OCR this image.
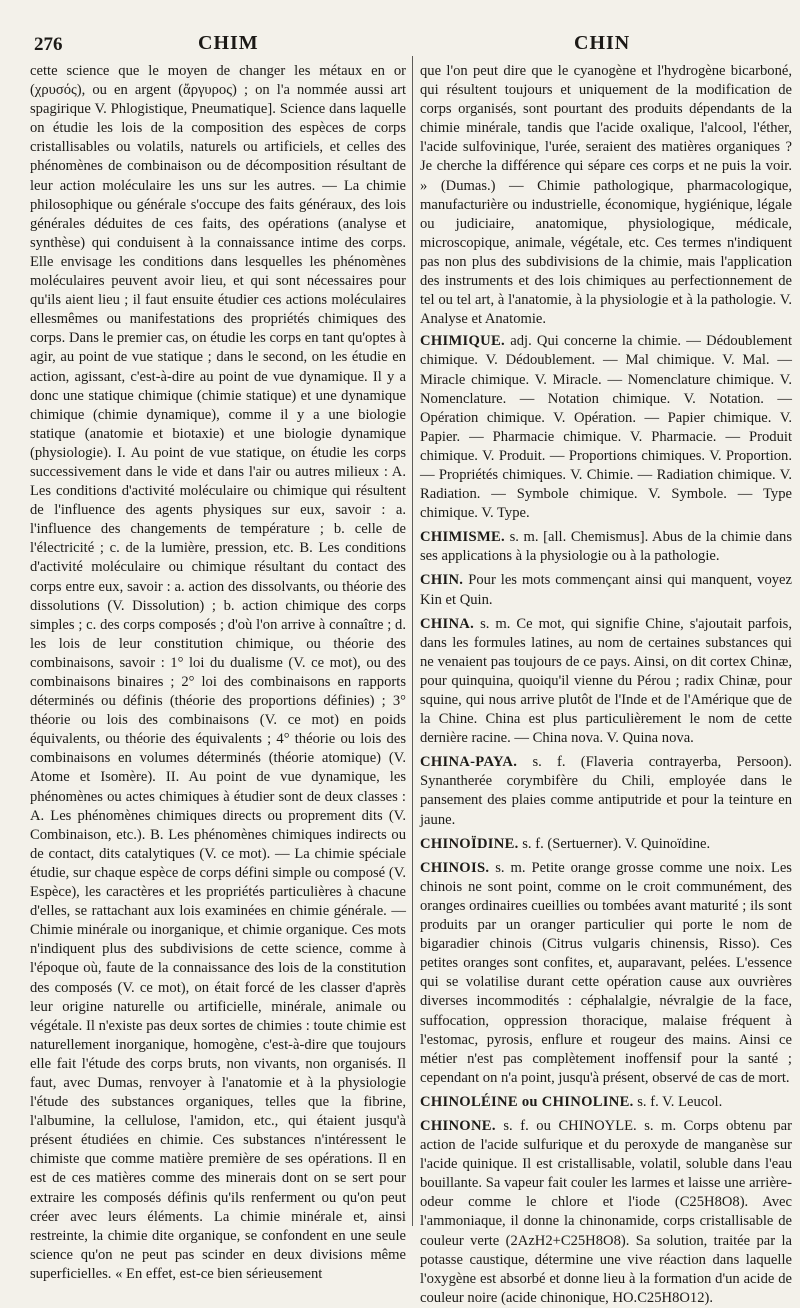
276	CHIM	CHIN

cette science que le moyen de changer les métaux en or (χρυσός), ou en argent (ἄργυρος) ; on l'a nommée aussi art spagirique V. Phlogistique, Pneumatique]. Science dans laquelle on étudie les lois de la composition des espèces de corps cristallisables ou volatils, naturels ou artificiels, et celles des phénomènes de combinaison ou de décomposition résultant de leur action moléculaire les uns sur les autres. — La chimie philosophique ou générale s'occupe des faits généraux, des lois générales déduites de ces faits, des opérations (analyse et synthèse) qui conduisent à la connaissance intime des corps. Elle envisage les conditions dans lesquelles les phénomènes moléculaires peuvent avoir lieu, et qui sont nécessaires pour qu'ils aient lieu ; il faut ensuite étudier ces actions moléculaires ellesmêmes ou manifestations des propriétés chimiques des corps. Dans le premier cas, on étudie les corps en tant qu'optes à agir, au point de vue statique ; dans le second, on les étudie en action, agissant, c'est-à-dire au point de vue dynamique. Il y a donc une statique chimique (chimie statique) et une dynamique chimique (chimie dynamique), comme il y a une biologie statique (anatomie et biotaxie) et une biologie dynamique (physiologie). I. Au point de vue statique, on étudie les corps successivement dans le vide et dans l'air ou autres milieux : A. Les conditions d'activité moléculaire ou chimique qui résultent de l'influence des agents physiques sur eux, savoir : a. l'influence des changements de température ; b. celle de l'électricité ; c. de la lumière, pression, etc. B. Les conditions d'activité moléculaire ou chimique résultant du contact des corps entre eux, savoir : a. action des dissolvants, ou théorie des dissolutions (V. Dissolution) ; b. action chimique des corps simples ; c. des corps composés ; d'où l'on arrive à connaître ; d. les lois de leur constitution chimique, ou théorie des combinaisons, savoir : 1° loi du dualisme (V. ce mot), ou des combinaisons binaires ; 2° loi des combinaisons en rapports déterminés ou définis (théorie des proportions définies) ; 3° théorie ou lois des combinaisons (V. ce mot) en poids équivalents, ou théorie des équivalents ; 4° théorie ou lois des combinaisons en volumes déterminés (théorie atomique) (V. Atome et Isomère). II. Au point de vue dynamique, les phénomènes ou actes chimiques à étudier sont de deux classes : A. Les phénomènes chimiques directs ou proprement dits (V. Combinaison, etc.). B. Les phénomènes chimiques indirects ou de contact, dits catalytiques (V. ce mot). — La chimie spéciale étudie, sur chaque espèce de corps défini simple ou composé (V. Espèce), les caractères et les propriétés particulières à chacune d'elles, se rattachant aux lois examinées en chimie générale. — Chimie minérale ou inorganique, et chimie organique. Ces mots n'indiquent plus des subdivisions de cette science, comme à l'époque où, faute de la connaissance des lois de la constitution des composés (V. ce mot), on était forcé de les classer d'après leur origine naturelle ou artificielle, minérale, animale ou végétale. Il n'existe pas deux sortes de chimies : toute chimie est naturellement inorganique, homogène, c'est-à-dire que toujours elle fait l'étude des corps bruts, non vivants, non organisés. Il faut, avec Dumas, renvoyer à l'anatomie et à la physiologie l'étude des substances organiques, telles que la fibrine, l'albumine, la cellulose, l'amidon, etc., qui étaient jusqu'à présent étudiées en chimie. Ces substances n'intéressent le chimiste que comme matière première de ses opérations. Il en est de ces matières comme des minerais dont on se sert pour extraire les composés définis qu'ils renferment ou qu'on peut créer avec leurs éléments. La chimie minérale et, ainsi restreinte, la chimie dite organique, se confondent en une seule science qu'on ne peut pas scinder en deux divisions même superficielles. « En effet, est-ce bien sérieusement

que l'on peut dire que le cyanogène et l'hydrogène bicarboné, qui résultent toujours et uniquement de la modification de corps organisés, sont pourtant des produits dépendants de la chimie minérale, tandis que l'acide oxalique, l'alcool, l'éther, l'acide sulfovinique, l'urée, seraient des matières organiques ? Je cherche la différence qui sépare ces corps et ne puis la voir. » (Dumas.) — Chimie pathologique, pharmacologique, manufacturière ou industrielle, économique, hygiénique, légale ou judiciaire, anatomique, physiologique, médicale, microscopique, animale, végétale, etc. Ces termes n'indiquent pas non plus des subdivisions de la chimie, mais l'application des instruments et des lois chimiques au perfectionnement de tel ou tel art, à l'anatomie, à la physiologie et à la pathologie. V. Analyse et Anatomie.

CHIMIQUE. adj. Qui concerne la chimie. — Dédoublement chimique. V. Dédoublement. — Mal chimique. V. Mal. — Miracle chimique. V. Miracle. — Nomenclature chimique. V. Nomenclature. — Notation chimique. V. Notation. — Opération chimique. V. Opération. — Papier chimique. V. Papier. — Pharmacie chimique. V. Pharmacie. — Produit chimique. V. Produit. — Proportions chimiques. V. Proportion. — Propriétés chimiques. V. Chimie. — Radiation chimique. V. Radiation. — Symbole chimique. V. Symbole. — Type chimique. V. Type.

CHIMISME. s. m. [all. Chemismus]. Abus de la chimie dans ses applications à la physiologie ou à la pathologie.

CHIN. Pour les mots commençant ainsi qui manquent, voyez Kin et Quin.

CHINA. s. m. Ce mot, qui signifie Chine, s'ajoutait parfois, dans les formules latines, au nom de certaines substances qui ne venaient pas toujours de ce pays. Ainsi, on dit cortex Chinæ, pour quinquina, quoiqu'il vienne du Pérou ; radix Chinæ, pour squine, qui nous arrive plutôt de l'Inde et de l'Amérique que de la Chine. China est plus particulièrement le nom de cette dernière racine. — China nova. V. Quina nova.

CHINA-PAYA. s. f. (Flaveria contrayerba, Persoon). Synantherée corymbifère du Chili, employée dans le pansement des plaies comme antiputride et pour la teinture en jaune.

CHINOÏDINE. s. f. (Sertuerner). V. Quinoïdine.

CHINOIS. s. m. Petite orange grosse comme une noix. Les chinois ne sont point, comme on le croit communément, des oranges ordinaires cueillies ou tombées avant maturité ; ils sont produits par un oranger particulier qui porte le nom de bigaradier chinois (Citrus vulgaris chinensis, Risso). Ces petites oranges sont confites, et, auparavant, pelées. L'essence qui se volatilise durant cette opération cause aux ouvrières diverses incommodités : céphalalgie, névralgie de la face, suffocation, oppression thoracique, malaise fréquent à l'estomac, pyrosis, enflure et rougeur des mains. Ainsi ce métier n'est pas complètement inoffensif pour la santé ; cependant on n'a point, jusqu'à présent, observé de cas de mort.

CHINOLÉINE ou CHINOLINE. s. f. V. Leucol.

CHINONE. s. f. ou CHINOYLE. s. m. Corps obtenu par action de l'acide sulfurique et du peroxyde de manganèse sur l'acide quinique. Il est cristallisable, volatil, soluble dans l'eau bouillante. Sa vapeur fait couler les larmes et laisse une arrière-odeur comme le chlore et l'iode (C25H8O8). Avec l'ammoniaque, il donne la chinonamide, corps cristallisable de couleur verte (2AzH2+C25H8O8). Sa solution, traitée par la potasse caustique, détermine une vive réaction dans laquelle l'oxygène est absorbé et donne lieu à la formation d'un acide de couleur noire (acide chinonique, HO.C25H8O12).
